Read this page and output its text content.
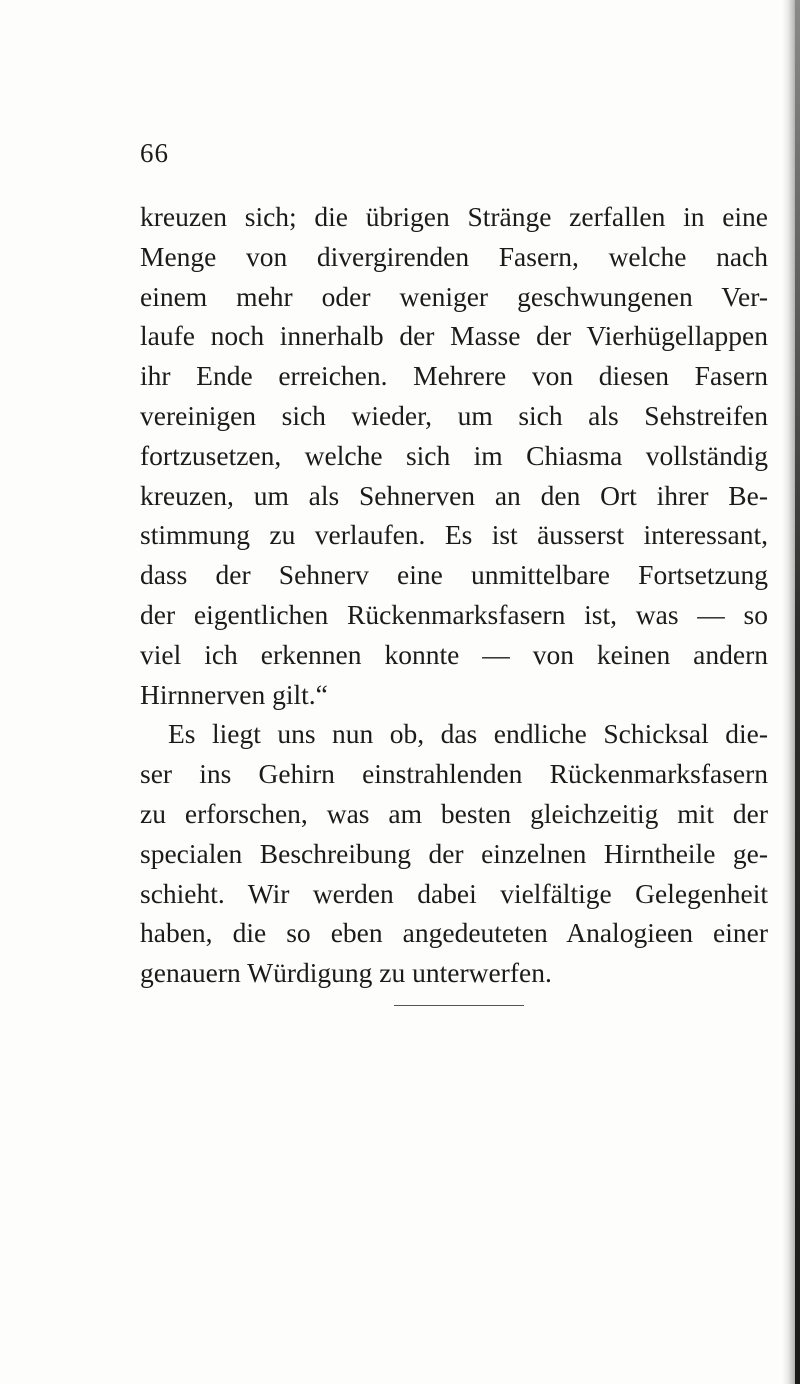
66
kreuzen sich; die übrigen Stränge zerfallen in eine
Menge von divergirenden Fasern, welche nach
einem mehr oder weniger geschwungenen Ver-
laufe noch innerhalb der Masse der Vierhügellappen
ihr Ende erreichen. Mehrere von diesen Fasern
vereinigen sich wieder, um sich als Sehstreifen
fortzusetzen, welche sich im Chiasma vollständig
kreuzen, um als Sehnerven an den Ort ihrer Be-
stimmung zu verlaufen. Es ist äusserst interessant,
dass der Sehnerv eine unmittelbare Fortsetzung
der eigentlichen Rückenmarksfasern ist, was — so
viel ich erkennen konnte — von keinen andern
Hirnnerven gilt.“
Es liegt uns nun ob, das endliche Schicksal die-
ser ins Gehirn einstrahlenden Rückenmarksfasern
zu erforschen, was am besten gleichzeitig mit der
specialen Beschreibung der einzelnen Hirntheile ge-
schieht. Wir werden dabei vielfältige Gelegenheit
haben, die so eben angedeuteten Analogieen einer
genauern Würdigung zu unterwerfen.
